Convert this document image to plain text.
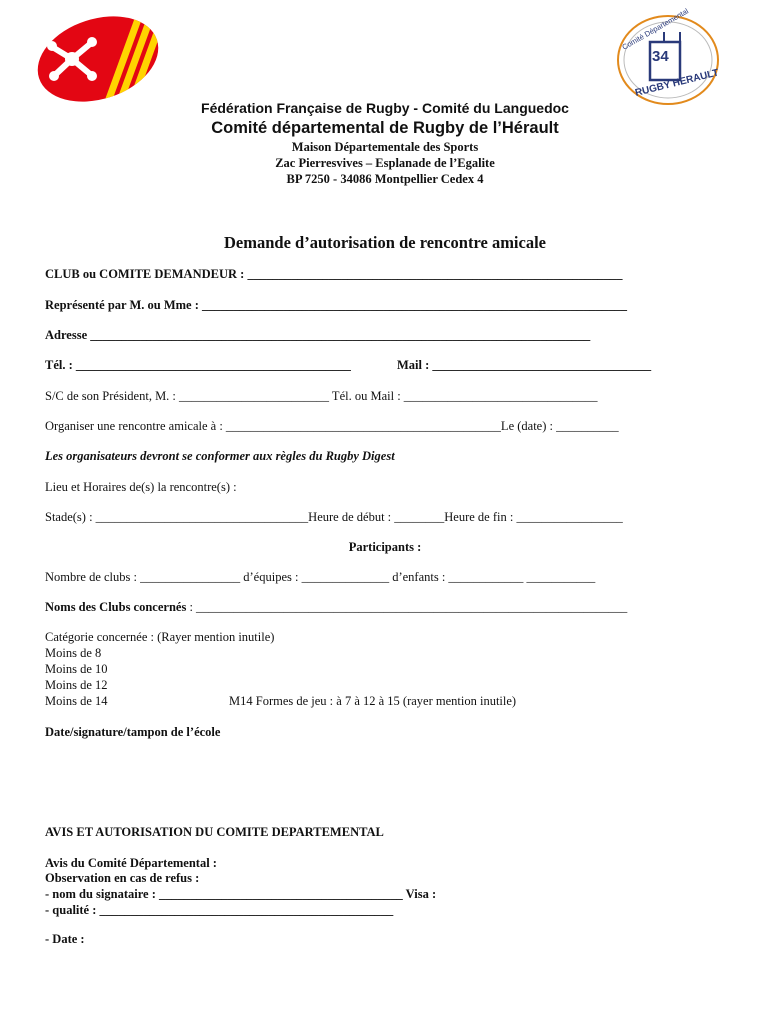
Comité Départemental
34
RUGBY HERAULT
Fédération Française de Rugby - Comité du Languedoc
Comité départemental de Rugby de l’Hérault
Maison Départementale des Sports
Zac Pierresvives – Esplanade de l’Egalite
BP 7250 - 34086 Montpellier Cedex 4
Demande d’autorisation de rencontre amicale
CLUB ou COMITE DEMANDEUR : ____________________________________________________________
Représenté par M. ou Mme : ____________________________________________________________________
Adresse ________________________________________________________________________________
Tél. : ____________________________________________	Mail : ___________________________________
S/C de son Président, M. : ________________________ Tél. ou Mail : _______________________________
Organiser une rencontre amicale à : ____________________________________________Le (date) : __________
Les organisateurs devront se conformer aux règles du Rugby Digest
Lieu et Horaires de(s) la rencontre(s) :
Stade(s) : __________________________________Heure de début : ________Heure de fin : _________________
Participants :
Nombre de clubs : ________________ d’équipes : ______________ d’enfants : ____________ ___________
Noms des Clubs concernés : _____________________________________________________________________
Catégorie concernée : (Rayer mention inutile)
Moins de 8
Moins de 10
Moins de 12
Moins de 14	M14 Formes de jeu : à 7 à 12 à 15 (rayer mention inutile)
Date/signature/tampon de l’école
AVIS ET AUTORISATION DU COMITE DEPARTEMENTAL
Avis du Comité Départemental :
Observation en cas de refus :
- nom du signataire : _______________________________________ Visa :
- qualité : _______________________________________________
- Date :
